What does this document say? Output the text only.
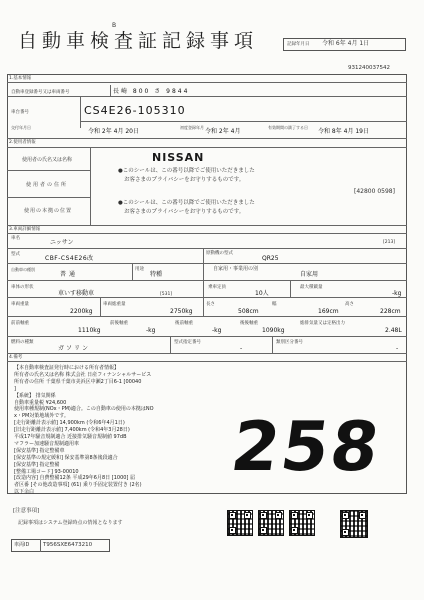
B
自動車検査証記録事項	記録年月日 令和 6年 4月 1日
931240037542
1.基本情報
自動車登録番号又は車両番号	長崎 800 さ 9844
車台番号	CS4E26-105310
交付年月日
令和 2年 4月 20日
初度登録年月
令和 2年 4月
有効期間の満了する日
令和 8年 4月 19日
2.使用者情報
使用者の氏名又は名称
使用者の住所
使用の本拠の位置
NISSAN
●このシールは、この番号以降でご使用いただきました
お客さまのプライバシーをお守りするものです。
[42800 0598]
●このシールは、この番号以降でご使用いただきました
お客さまのプライバシーをお守りするものです。
3.車両詳細情報
車名
ニッサン	[213]
型式
CBF-CS4E26改
原動機の型式
QR25
自動車の種別
普通
用途
特種
自家用・事業用の別
自家用
車体の形状
車いす移動車	[531]
乗車定員
10人
最大積載量
-kg
車両重量
2200kg
車両総重量
2750kg
長さ
508cm
幅
169cm
高さ
228cm
前前軸重
1110kg
前後軸重
-kg
後前軸重
-kg
後後軸重
1090kg
総排気量又は定格出力
2.48L
燃料の種類
ガソリン
型式指定番号
-
類別区分番号
-
4.備考
【本自動車検査証発行時における所有者情報】
所有者の氏名又は名称 株式会社 日産フィナンシャルサービス
所有者の住所 千葉県千葉市美浜区中瀬2丁目6-1 [00040
]
【系統】 排気関係
自動車重量税 ¥24,600
使用車種規制(NOx・PM)適合。この自動車の使用の本拠はNO
x・PM対策地域外です。
[走行距離計表示値] 14,900km (令和6年4月1日)
[旧走行距離計表示値] 7,400km (令和4年3月28日)
平成17年騒音規制適合 近接排気騒音規制値 97dB
マフラー加速騒音規制適用車
[保安基準] 指定整備車
[保安基準の規定緩和] 保安基準第8条後段適合
[保安基準] 指定整備
[整備工場コード] 93-00010
[改造内容] 自費整備12条 平成29年6月8日 [1000] 届
者区番 [その他改造事項] (61) 乗り手固定装置付き (2名)
以下余白
258
[注意事項]
記録事項はシステム登録時点の情報となります
車両ID T956SXE6473210
